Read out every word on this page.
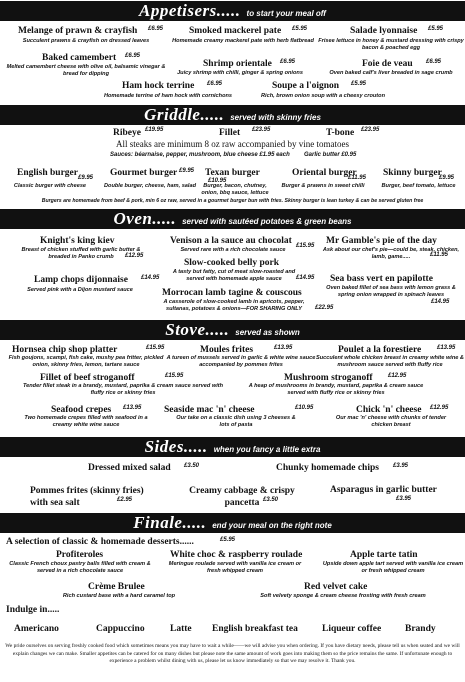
Appetisers..... to start your meal off
Melange of prawn & crayfish £6.95
Succulent prawns & crayfish on dressed leaves
Smoked mackerel pate £5.95
Homemade creamy mackerel pate with herb flatbread
Salade lyonnaise £5.95
Frisee lettuce in honey & mustard dressing with crispy bacon & poached egg
Baked camembert £6.95
Melted camembert cheese with olive oil, balsamic vinegar & bread for dipping
Shrimp orientale £6.95
Juicy shrimp with chilli, ginger & spring onions
Foie de veau £6.95
Oven baked calf's liver breaded in sage crumb
Ham hock terrine £6.95
Homemade terrine of ham hock with cornichons
Soupe a l'oignon £5.95
Rich, brown onion soup with a cheesy crouton
Griddle..... served with skinny fries
Ribeye £19.95	Fillet £23.95	T-bone £23.95
All steaks are minimum 8 oz raw accompanied by vine tomatoes
Sauces: béarnaise, pepper, mushroom, blue cheese £1.95 each Garlic butter £0.95
English burger £9.95
Classic burger with cheese
Gourmet burger £9.95
Double burger, cheese, ham, salad
Texan burger
£10.95
Burger, bacon, chutney, onion, bbq sauce, lettuce
Oriental burger
£11.95
Burger & prawns in sweet chilli
Skinny burger
£9.95
Burger, beef tomato, lettuce
Burgers are homemade from beef & pork, min 6 oz raw, served in a gourmet burger bun with fries. Skinny burger is lean turkey & can be served gluten free
Oven..... served with sautéed potatoes & green beans
Knight's king kiev
Breast of chicken stuffed with garlic butter & breaded in Panko crumb	£12.95
Venison a la sauce au chocolat
Served rare with a rich chocolate sauce
£15.95 Mr Gamble's pie of the day
Ask about our chef's pie—could be, steak, chicken, lamb, game.....	£11.95
Slow-cooked belly pork
A tasty but fatty, cut of meat slow-roasted and served with homemade apple sauce	£14.95
Lamp chops dijonnaise £14.95
Served pink with a Dijon mustard sauce
Sea bass vert en papilotte
Oven baked fillet of sea bass with lemon grass & spring onion wrapped in spinach leaves
£14.95
Morrocan lamb tagine & couscous
A casserole of slow-cooked lamb in apricots, pepper, sultanas, potatoes & onions—FOR SHARING ONLY	£22.95
Stove..... served as shown
Hornsea chip shop platter	£15.95
Fish goujons, scampi, fish cake, mushy pea fritter, pickled onion, skinny fries, lemon, tartare sauce
Moules frites	£13.95
A tureen of mussels served in garlic & white wine sauce accompanied by pommes frites
Poulet a la forestiere	£13.95
Succulent whole chicken breast in creamy white wine & mushroom sauce served with fluffy rice
Fillet of beef stroganoff	£15.95
Tender fillet steak in a brandy, mustard, paprika & cream sauce served with fluffy rice or skinny fries
Mushroom stroganoff	£12.95
A heap of mushrooms in brandy, mustard, paprika & cream sauce served with fluffy rice or skinny fries
Seafood crepes £13.95
Two homemade crepes filled with seafood in a creamy white wine sauce
Seaside mac 'n' cheese	£10.95
Our take on a classic dish using 3 cheeses & lots of pasta
Chick 'n' cheese £12.95
Our mac 'n' cheese with chunks of tender chicken breast
Sides..... when you fancy a little extra
Dressed mixed salad £3.50	Chunky homemade chips £3.95
Pommes frites (skinny fries) with sea salt	£2.95
Creamy cabbage & crispy pancetta £3.50
Asparagus in garlic butter
£3.95
Finale..... end your meal on the right note
A selection of classic & homemade desserts......	£5.95
Profiteroles
Classic French choux pastry balls filled with cream & served in a rich chocolate sauce
White choc & raspberry roulade
Meringue roulade served with vanilla ice cream or fresh whipped cream
Apple tarte tatin
Upside down apple tart served with vanilla ice cream or fresh whipped cream
Crème Brulee
Rich custard base with a hard caramel top
Red velvet cake
Soft velvety sponge & cream cheese frosting with fresh cream
Indulge in.....
Americano	Cappuccino	Latte English breakfast tea	Liqueur coffee	Brandy
We pride ourselves on serving freshly cooked food which sometimes means you may have to wait a while——we will advise you when ordering. If you have dietary needs, please tell us when seated and we will explain changes we can make. Smaller appetites can be catered for on many dishes but please note the same amount of work goes into making them so the price remains the same. If unfortunate enough to experience a problem whilst dining with us, please let us know immediately so that we may resolve it. Thank you.
